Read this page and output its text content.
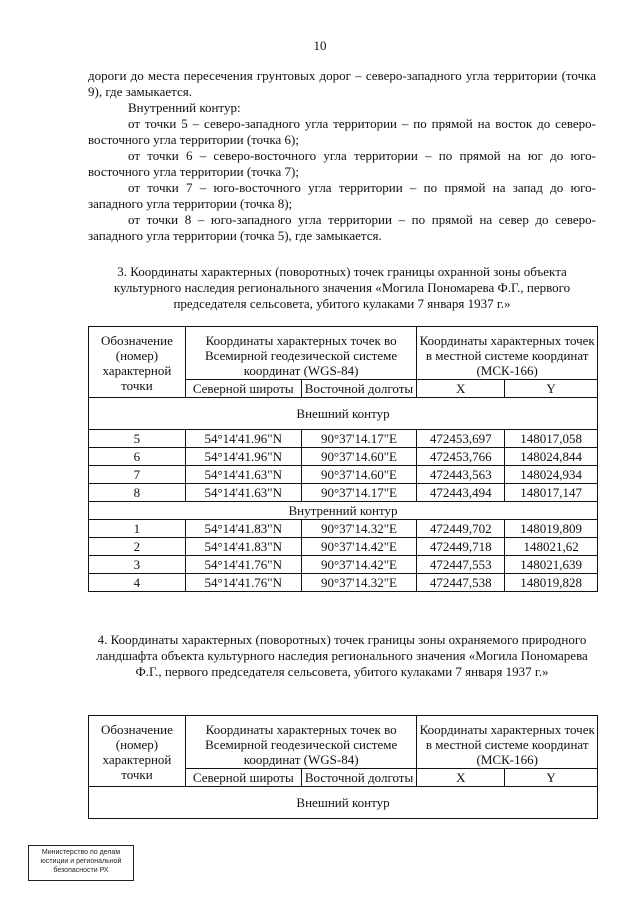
10

дороги до места пересечения грунтовых дорог – северо-западного угла территории (точка 9), где замыкается.

Внутренний контур:

от точки 5 – северо-западного угла территории – по прямой на восток до северо-восточного угла территории (точка 6);

от точки 6 – северо-восточного угла территории – по прямой на юг до юго-восточного угла территории (точка 7);

от точки 7 – юго-восточного угла территории – по прямой на запад до юго-западного угла территории (точка 8);

от точки 8 – юго-западного угла территории – по прямой на север до северо-западного угла территории (точка 5), где замыкается.

3. Координаты характерных (поворотных) точек границы охранной зоны объекта культурного наследия регионального значения «Могила Пономарева Ф.Г., первого председателя сельсовета, убитого кулаками 7 января 1937 г.»
Обозначение (номер) характерной точки	Координаты характерных точек во Всемирной геодезической системе координат (WGS-84)		Координаты характерных точек в местной системе координат (МСК-166)	
	Северной широты	Восточной долготы	X	Y
Внешний контур				
5	54°14'41.96"N	90°37'14.17"E	472453,697	148017,058
6	54°14'41.96"N	90°37'14.60"E	472453,766	148024,844
7	54°14'41.63"N	90°37'14.60"E	472443,563	148024,934
8	54°14'41.63"N	90°37'14.17"E	472443,494	148017,147
Внутренний контур				
1	54°14'41.83"N	90°37'14.32"E	472449,702	148019,809
2	54°14'41.83"N	90°37'14.42"E	472449,718	148021,62
3	54°14'41.76"N	90°37'14.42"E	472447,553	148021,639
4	54°14'41.76"N	90°37'14.32"E	472447,538	148019,828
4. Координаты характерных (поворотных) точек границы зоны охраняемого природного ландшафта объекта культурного наследия регионального значения «Могила Пономарева Ф.Г., первого председателя сельсовета, убитого кулаками 7 января 1937 г.»
Обозначение (номер) характерной точки	Координаты характерных точек во Всемирной геодезической системе координат (WGS-84)		Координаты характерных точек в местной системе координат (МСК-166)	
	Северной широты	Восточной долготы	X	Y
Внешний контур				
Министерство по делам
юстиции и региональной
безопасности РХ
